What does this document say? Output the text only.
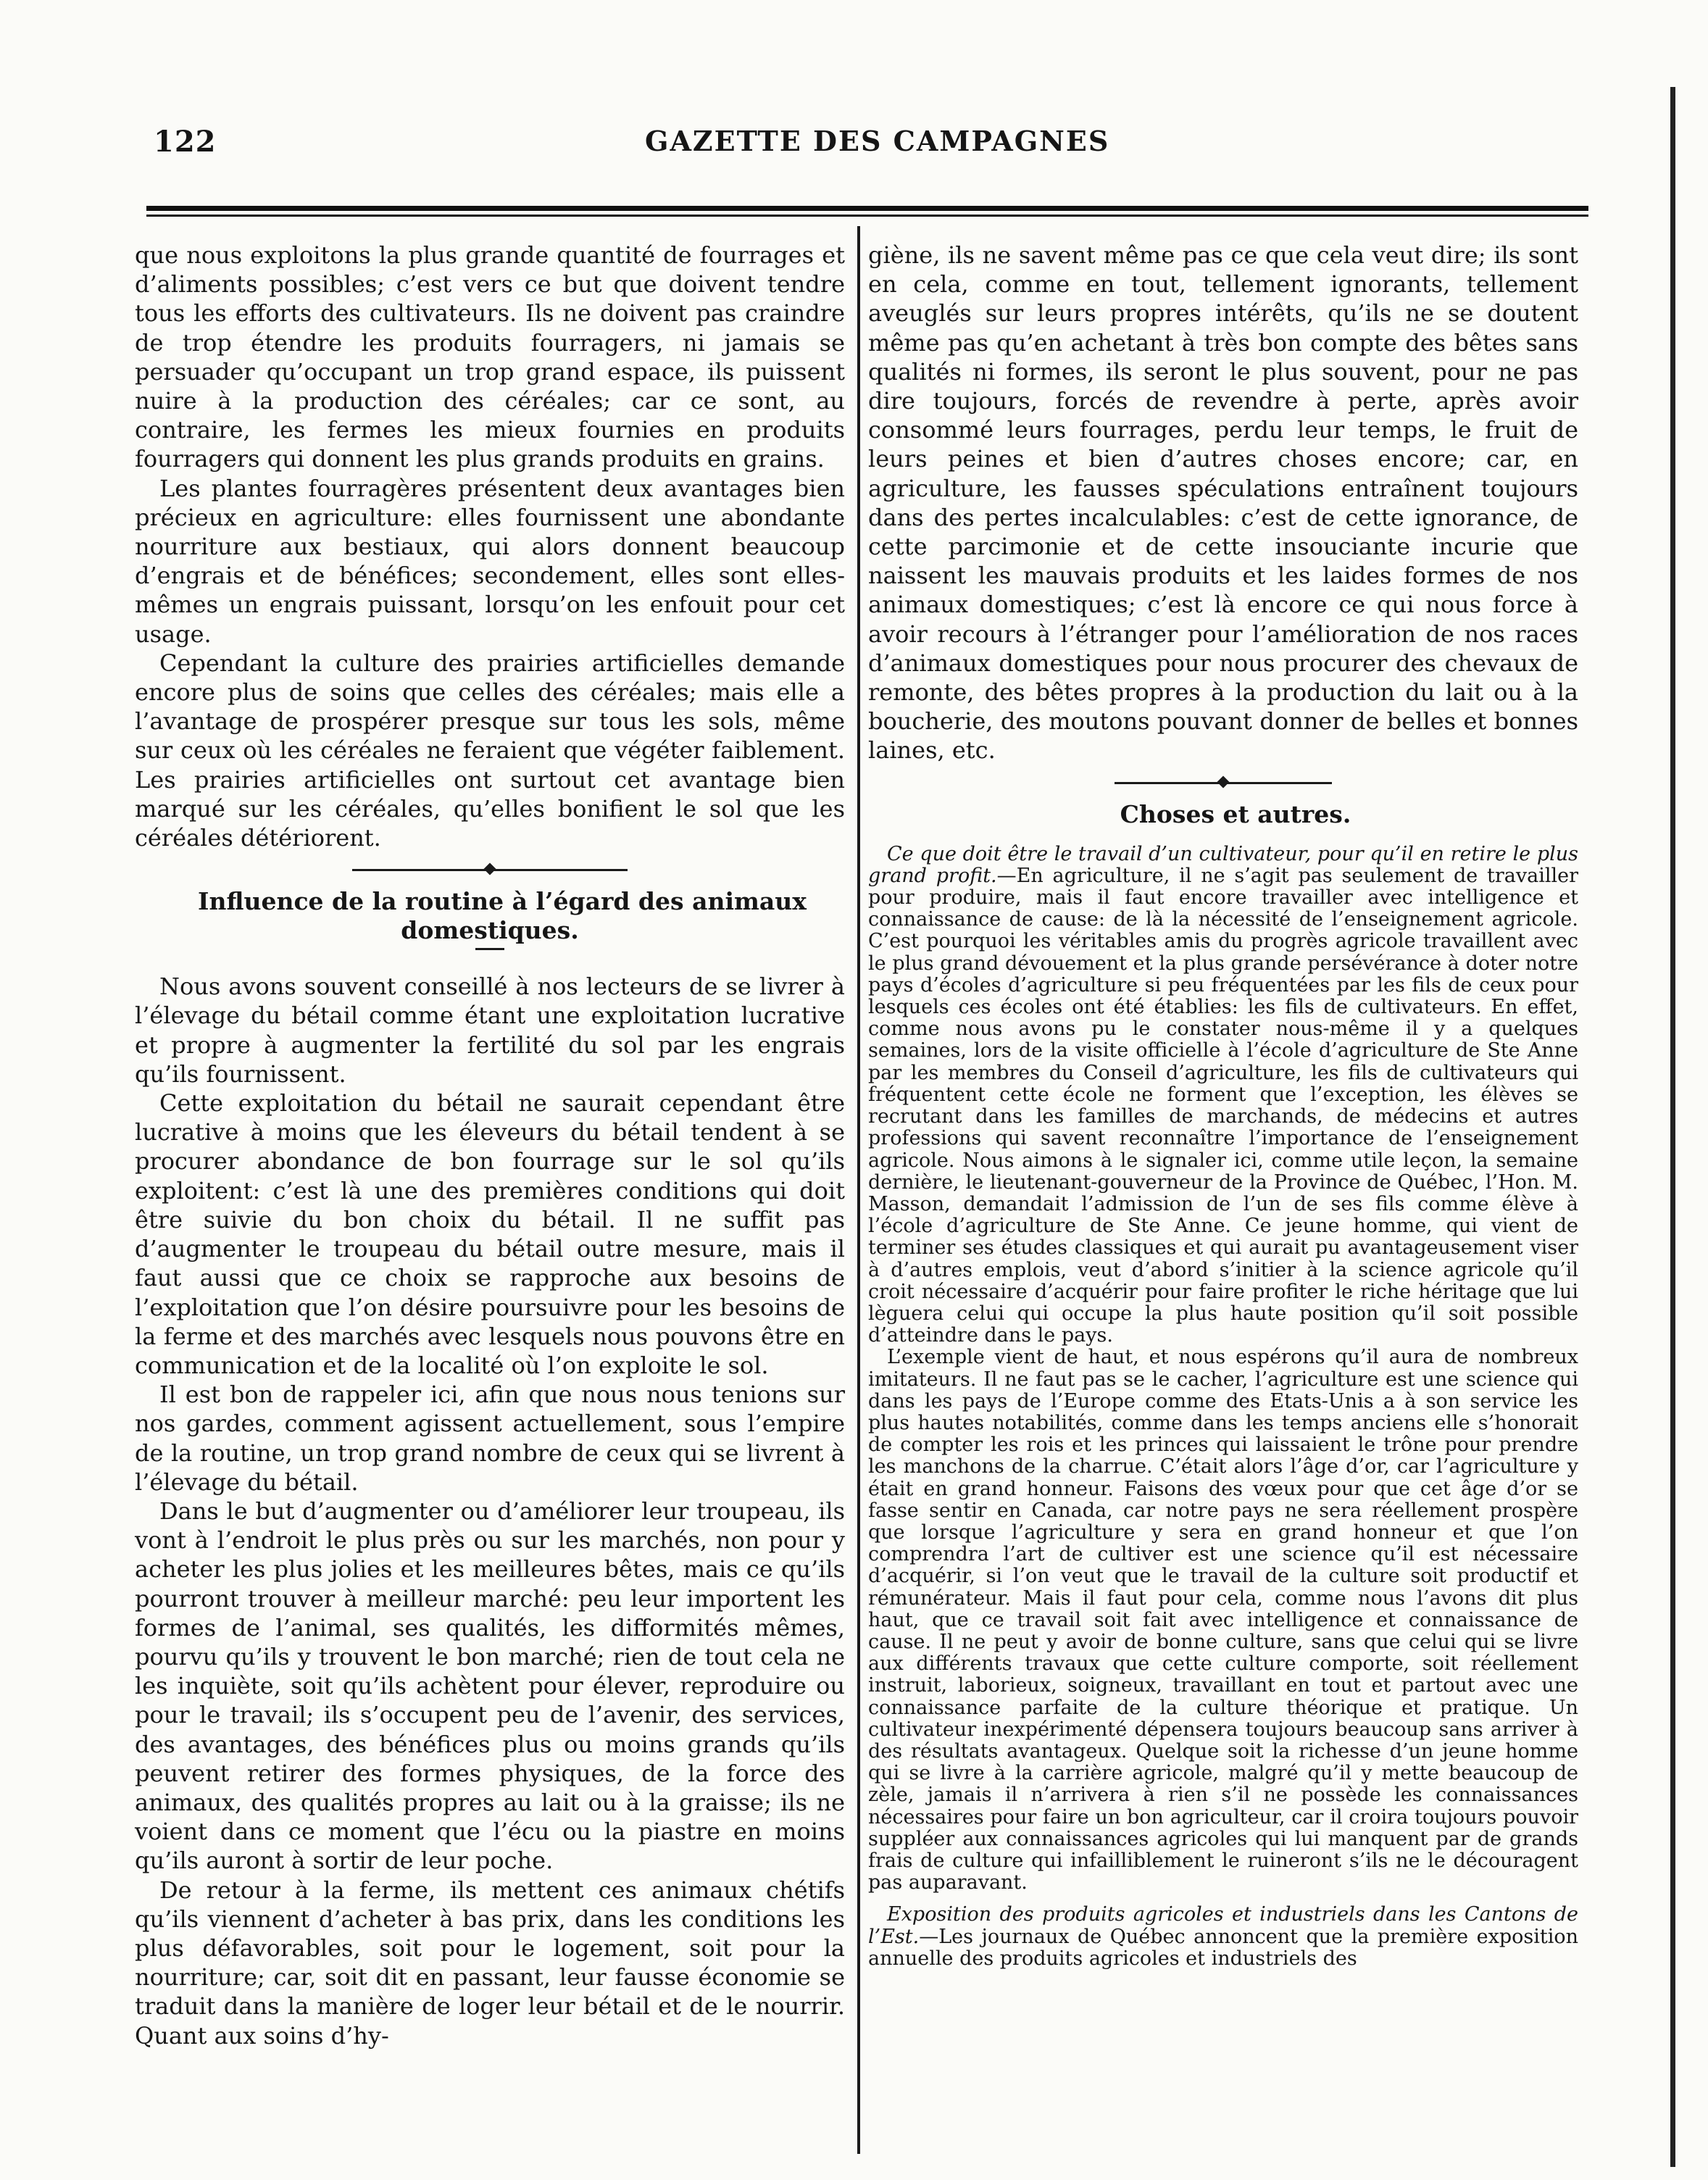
122	GAZETTE DES CAMPAGNES

que nous exploitons la plus grande quantité de fourrages et d’aliments possibles; c’est vers ce but que doivent tendre tous les efforts des cultivateurs. Ils ne doivent pas craindre de trop étendre les produits fourragers, ni jamais se persuader qu’occupant un trop grand espace, ils puissent nuire à la production des céréales; car ce sont, au contraire, les fermes les mieux fournies en produits fourragers qui donnent les plus grands produits en grains.

Les plantes fourragères présentent deux avantages bien précieux en agriculture: elles fournissent une abondante nourriture aux bestiaux, qui alors donnent beaucoup d’engrais et de bénéfices; secondement, elles sont elles-mêmes un engrais puissant, lorsqu’on les enfouit pour cet usage.

Cependant la culture des prairies artificielles demande encore plus de soins que celles des céréales; mais elle a l’avantage de prospérer presque sur tous les sols, même sur ceux où les céréales ne feraient que végéter faiblement. Les prairies artificielles ont surtout cet avantage bien marqué sur les céréales, qu’elles bonifient le sol que les céréales détériorent.

Influence de la routine à l’égard des animaux domestiques.

Nous avons souvent conseillé à nos lecteurs de se livrer à l’élevage du bétail comme étant une exploitation lucrative et propre à augmenter la fertilité du sol par les engrais qu’ils fournissent.

Cette exploitation du bétail ne saurait cependant être lucrative à moins que les éleveurs du bétail tendent à se procurer abondance de bon fourrage sur le sol qu’ils exploitent: c’est là une des premières conditions qui doit être suivie du bon choix du bétail. Il ne suffit pas d’augmenter le troupeau du bétail outre mesure, mais il faut aussi que ce choix se rapproche aux besoins de l’exploitation que l’on désire poursuivre pour les besoins de la ferme et des marchés avec lesquels nous pouvons être en communication et de la localité où l’on exploite le sol.

Il est bon de rappeler ici, afin que nous nous tenions sur nos gardes, comment agissent actuellement, sous l’empire de la routine, un trop grand nombre de ceux qui se livrent à l’élevage du bétail.

Dans le but d’augmenter ou d’améliorer leur troupeau, ils vont à l’endroit le plus près ou sur les marchés, non pour y acheter les plus jolies et les meilleures bêtes, mais ce qu’ils pourront trouver à meilleur marché: peu leur importent les formes de l’animal, ses qualités, les difformités mêmes, pourvu qu’ils y trouvent le bon marché; rien de tout cela ne les inquiète, soit qu’ils achètent pour élever, reproduire ou pour le travail; ils s’occupent peu de l’avenir, des services, des avantages, des bénéfices plus ou moins grands qu’ils peuvent retirer des formes physiques, de la force des animaux, des qualités propres au lait ou à la graisse; ils ne voient dans ce moment que l’écu ou la piastre en moins qu’ils auront à sortir de leur poche.

De retour à la ferme, ils mettent ces animaux chétifs qu’ils viennent d’acheter à bas prix, dans les conditions les plus défavorables, soit pour le logement, soit pour la nourriture; car, soit dit en passant, leur fausse économie se traduit dans la manière de loger leur bétail et de le nourrir. Quant aux soins d’hy-

giène, ils ne savent même pas ce que cela veut dire; ils sont en cela, comme en tout, tellement ignorants, tellement aveuglés sur leurs propres intérêts, qu’ils ne se doutent même pas qu’en achetant à très bon compte des bêtes sans qualités ni formes, ils seront le plus souvent, pour ne pas dire toujours, forcés de revendre à perte, après avoir consommé leurs fourrages, perdu leur temps, le fruit de leurs peines et bien d’autres choses encore; car, en agriculture, les fausses spéculations entraînent toujours dans des pertes incalculables: c’est de cette ignorance, de cette parcimonie et de cette insouciante incurie que naissent les mauvais produits et les laides formes de nos animaux domestiques; c’est là encore ce qui nous force à avoir recours à l’étranger pour l’amélioration de nos races d’animaux domestiques pour nous procurer des chevaux de remonte, des bêtes propres à la production du lait ou à la boucherie, des moutons pouvant donner de belles et bonnes laines, etc.

Choses et autres.

Ce que doit être le travail d’un cultivateur, pour qu’il en retire le plus grand profit.—En agriculture, il ne s’agit pas seulement de travailler pour produire, mais il faut encore travailler avec intelligence et connaissance de cause: de là la nécessité de l’enseignement agricole. C’est pourquoi les véritables amis du progrès agricole travaillent avec le plus grand dévouement et la plus grande persévérance à doter notre pays d’écoles d’agriculture si peu fréquentées par les fils de ceux pour lesquels ces écoles ont été établies: les fils de cultivateurs. En effet, comme nous avons pu le constater nous-même il y a quelques semaines, lors de la visite officielle à l’école d’agriculture de Ste Anne par les membres du Conseil d’agriculture, les fils de cultivateurs qui fréquentent cette école ne forment que l’exception, les élèves se recrutant dans les familles de marchands, de médecins et autres professions qui savent reconnaître l’importance de l’enseignement agricole. Nous aimons à le signaler ici, comme utile leçon, la semaine dernière, le lieutenant-gouverneur de la Province de Québec, l’Hon. M. Masson, demandait l’admission de l’un de ses fils comme élève à l’école d’agriculture de Ste Anne. Ce jeune homme, qui vient de terminer ses études classiques et qui aurait pu avantageusement viser à d’autres emplois, veut d’abord s’initier à la science agricole qu’il croit nécessaire d’acquérir pour faire profiter le riche héritage que lui lèguera celui qui occupe la plus haute position qu’il soit possible d’atteindre dans le pays.

L’exemple vient de haut, et nous espérons qu’il aura de nombreux imitateurs. Il ne faut pas se le cacher, l’agriculture est une science qui dans les pays de l’Europe comme des Etats-Unis a à son service les plus hautes notabilités, comme dans les temps anciens elle s’honorait de compter les rois et les princes qui laissaient le trône pour prendre les manchons de la charrue. C’était alors l’âge d’or, car l’agriculture y était en grand honneur. Faisons des vœux pour que cet âge d’or se fasse sentir en Canada, car notre pays ne sera réellement prospère que lorsque l’agriculture y sera en grand honneur et que l’on comprendra l’art de cultiver est une science qu’il est nécessaire d’acquérir, si l’on veut que le travail de la culture soit productif et rémunérateur. Mais il faut pour cela, comme nous l’avons dit plus haut, que ce travail soit fait avec intelligence et connaissance de cause. Il ne peut y avoir de bonne culture, sans que celui qui se livre aux différents travaux que cette culture comporte, soit réellement instruit, laborieux, soigneux, travaillant en tout et partout avec une connaissance parfaite de la culture théorique et pratique. Un cultivateur inexpérimenté dépensera toujours beaucoup sans arriver à des résultats avantageux. Quelque soit la richesse d’un jeune homme qui se livre à la carrière agricole, malgré qu’il y mette beaucoup de zèle, jamais il n’arrivera à rien s’il ne possède les connaissances nécessaires pour faire un bon agriculteur, car il croira toujours pouvoir suppléer aux connaissances agricoles qui lui manquent par de grands frais de culture qui infailliblement le ruineront s’ils ne le découragent pas auparavant.

Exposition des produits agricoles et industriels dans les Cantons de l’Est.—Les journaux de Québec annoncent que la première exposition annuelle des produits agricoles et industriels des
